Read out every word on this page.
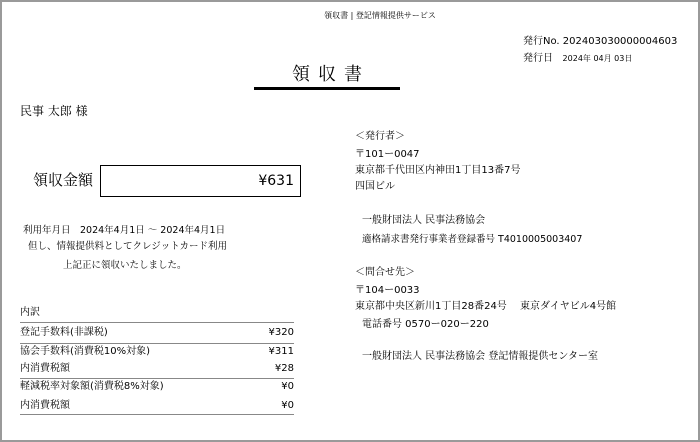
領収書 | 登記情報提供サービス
発行No. 202403030000004603
発行日 2024年 04月 03日
領収書
民事 太郎 様
領収金額	¥631
利用年月日　2024年4月1日 ～ 2024年4月1日
但し、情報提供料としてクレジットカード利用
上記正に領収いたしました。
内訳
登記手数料(非課税)	¥320
協会手数料(消費税10%対象)	¥311
内消費税額	¥28
軽減税率対象額(消費税8%対象)	¥0
内消費税額	¥0
＜発行者＞
〒101ー0047
東京都千代田区内神田1丁目13番7号
四国ビル
一般財団法人 民事法務協会
適格請求書発行事業者登録番号 T4010005003407
＜問合せ先＞
〒104ー0033
東京都中央区新川1丁目28番24号　 東京ダイヤビル4号館
電話番号 0570ー020ー220
一般財団法人 民事法務協会 登記情報提供センター室
